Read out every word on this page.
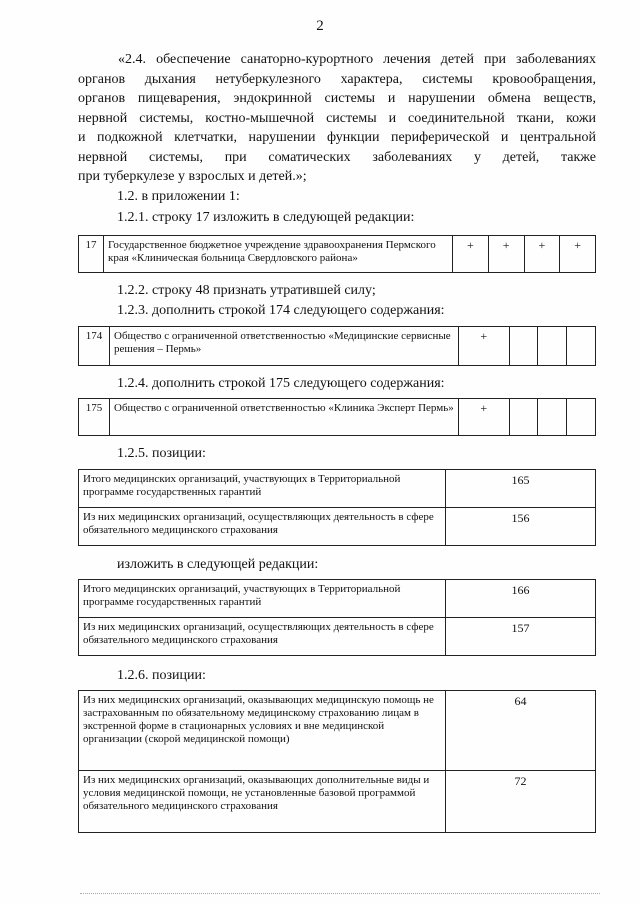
2
«2.4. обеспечение санаторно-курортного лечения детей при заболеваниях
органов дыхания нетуберкулезного характера, системы кровообращения,
органов пищеварения, эндокринной системы и нарушении обмена веществ,
нервной системы, костно-мышечной системы и соединительной ткани, кожи
и подкожной клетчатки, нарушении функции периферической и центральной
нервной системы, при соматических заболеваниях у детей, также
при туберкулезе у взрослых и детей.»;
1.2. в приложении 1:
1.2.1. строку 17 изложить в следующей редакции:
17	Государственное бюджетное учреждение здравоохранения Пермского края «Клиническая больница Свердловского района»	+	+	+	+
1.2.2. строку 48 признать утратившей силу;
1.2.3. дополнить строкой 174 следующего содержания:
174	Общество с ограниченной ответственностью «Медицинские сервисные решения – Пермь»	+			
1.2.4. дополнить строкой 175 следующего содержания:
175	Общество с ограниченной ответственностью «Клиника Эксперт Пермь»	+			
1.2.5. позиции:
Итого медицинских организаций, участвующих в Территориальной программе государственных гарантий	165
Из них медицинских организаций, осуществляющих деятельность в сфере обязательного медицинского страхования	156
изложить в следующей редакции:
Итого медицинских организаций, участвующих в Территориальной программе государственных гарантий	166
Из них медицинских организаций, осуществляющих деятельность в сфере обязательного медицинского страхования	157
1.2.6. позиции:
Из них медицинских организаций, оказывающих медицинскую помощь не застрахованным по обязательному медицинскому страхованию лицам в экстренной форме в стационарных условиях и вне медицинской организации (скорой медицинской помощи)	64
Из них медицинских организаций, оказывающих дополнительные виды и условия медицинской помощи, не установленные базовой программой обязательного медицинского страхования	72
